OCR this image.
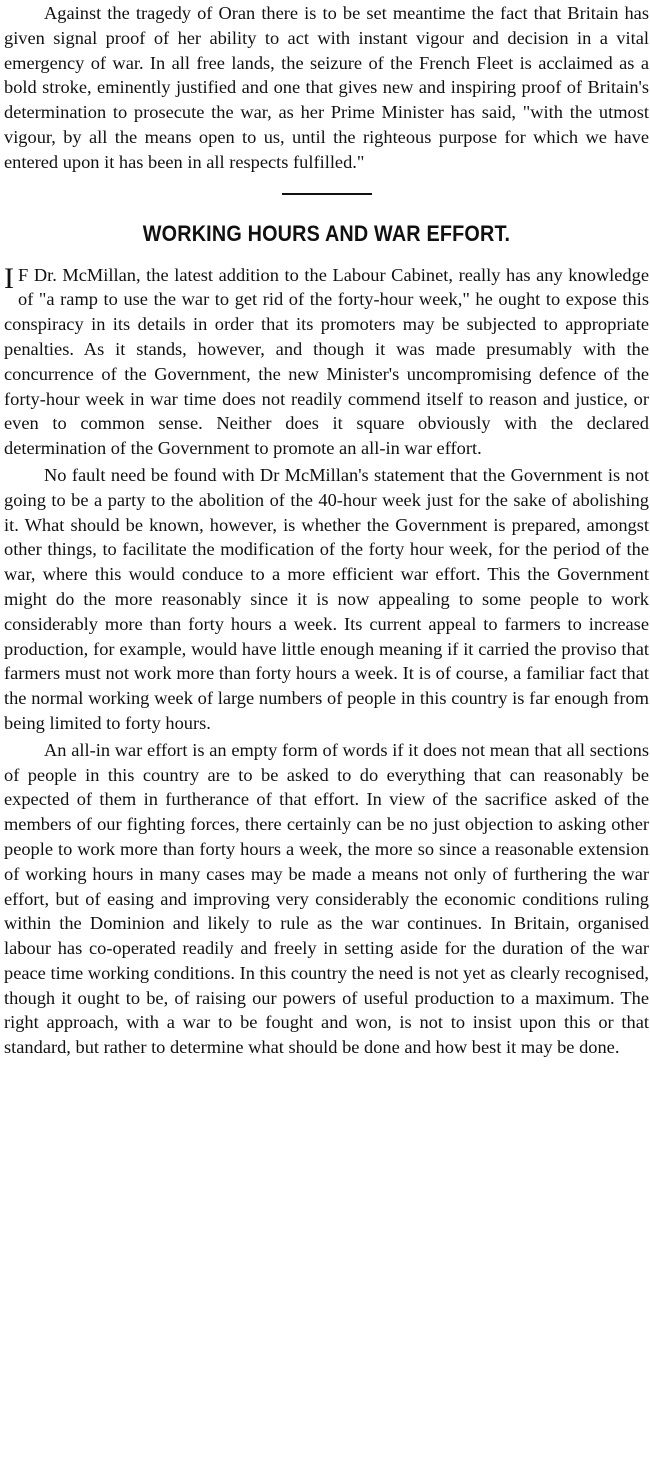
Against the tragedy of Oran there is to be set meantime the fact that Britain has given signal proof of her ability to act with instant vigour and decision in a vital emergency of war. In all free lands, the seizure of the French Fleet is acclaimed as a bold stroke, eminently justified and one that gives new and inspiring proof of Britain's determination to prosecute the war, as her Prime Minister has said, "with the utmost vigour, by all the means open to us, until the righteous purpose for which we have entered upon it has been in all respects fulfilled."

WORKING HOURS AND WAR EFFORT.

I F Dr. McMillan, the latest addition to the Labour Cabinet, really has any knowledge of "a ramp to use the war to get rid of the forty-hour week," he ought to expose this conspiracy in its details in order that its promoters may be subjected to appropriate penalties. As it stands, however, and though it was made presumably with the concurrence of the Government, the new Minister's uncompromising defence of the forty-hour week in war time does not readily commend itself to reason and justice, or even to common sense. Neither does it square obviously with the declared determination of the Government to promote an all-in war effort.

No fault need be found with Dr McMillan's statement that the Government is not going to be a party to the abolition of the 40-hour week just for the sake of abolishing it. What should be known, however, is whether the Government is prepared, amongst other things, to facilitate the modification of the forty hour week, for the period of the war, where this would conduce to a more efficient war effort. This the Government might do the more reasonably since it is now appealing to some people to work considerably more than forty hours a week. Its current appeal to farmers to increase production, for example, would have little enough meaning if it carried the proviso that farmers must not work more than forty hours a week. It is of course, a familiar fact that the normal working week of large numbers of people in this country is far enough from being limited to forty hours.

An all-in war effort is an empty form of words if it does not mean that all sections of people in this country are to be asked to do everything that can reasonably be expected of them in furtherance of that effort. In view of the sacrifice asked of the members of our fighting forces, there certainly can be no just objection to asking other people to work more than forty hours a week, the more so since a reasonable extension of working hours in many cases may be made a means not only of furthering the war effort, but of easing and improving very considerably the economic conditions ruling within the Dominion and likely to rule as the war continues. In Britain, organised labour has co-operated readily and freely in setting aside for the duration of the war peace time working conditions. In this country the need is not yet as clearly recognised, though it ought to be, of raising our powers of useful production to a maximum. The right approach, with a war to be fought and won, is not to insist upon this or that standard, but rather to determine what should be done and how best it may be done.
